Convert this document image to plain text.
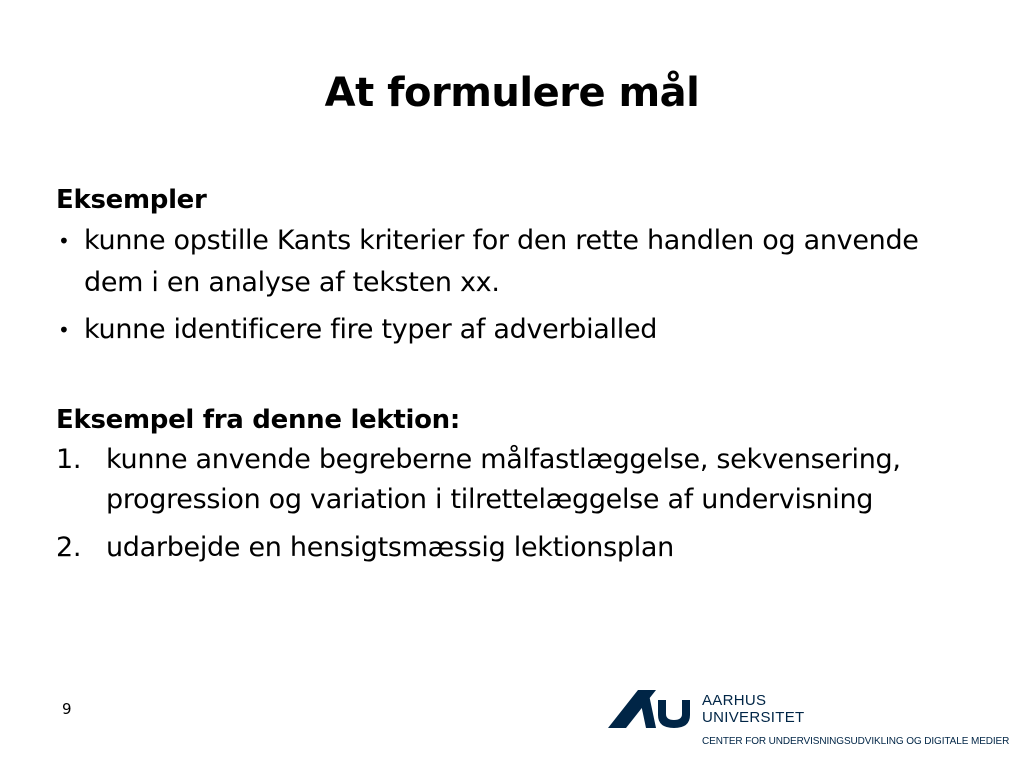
At formulere mål

Eksempler

• kunne opstille Kants kriterier for den rette handlen og anvende dem i en analyse af teksten xx.
• kunne identificere fire typer af adverbialled

Eksempel fra denne lektion:

1. kunne anvende begreberne målfastlæggelse, sekvensering, progression og variation i tilrettelæggelse af undervisning
2. udarbejde en hensigtsmæssig lektionsplan
9	AARHUS
UNIVERSITET
CENTER FOR UNDERVISNINGSUDVIKLING OG DIGITALE MEDIER
